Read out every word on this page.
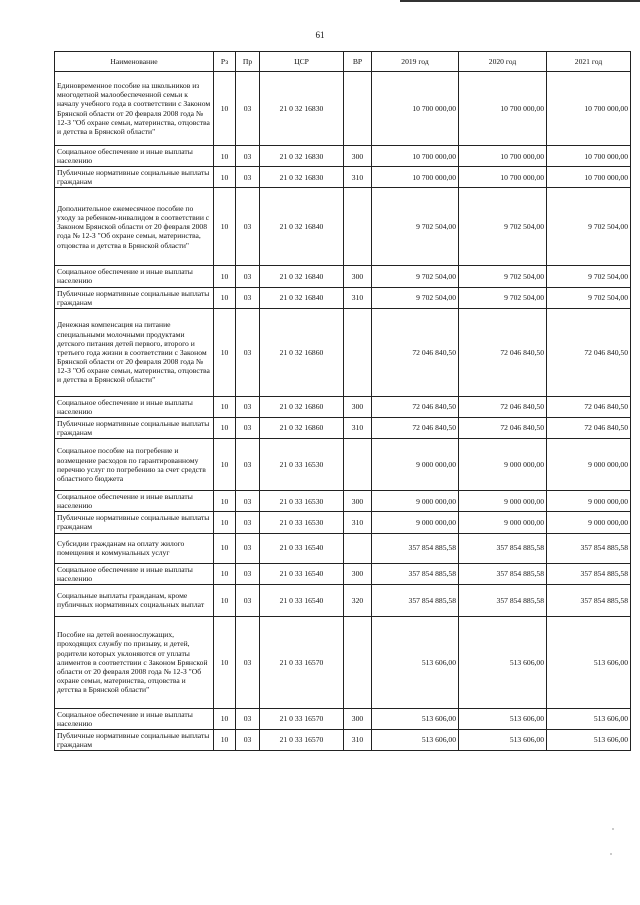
61
Наименование	Рз	Пр	ЦСР	ВР	2019 год	2020 год	2021 год
Единовременное пособие на школьников из многодетной малообеспеченной семьи к началу учебного года в соответствии с Законом Брянской области от 20 февраля 2008 года № 12-З "Об охране семьи, материнства, отцовства и детства в Брянской области"	10	03	21 0 32 16830		10 700 000,00	10 700 000,00	10 700 000,00
Социальное обеспечение и иные выплаты населению	10	03	21 0 32 16830	300	10 700 000,00	10 700 000,00	10 700 000,00
Публичные нормативные социальные выплаты гражданам	10	03	21 0 32 16830	310	10 700 000,00	10 700 000,00	10 700 000,00
Дополнительное ежемесячное пособие по уходу за ребенком-инвалидом в соответствии с Законом Брянской области от 20 февраля 2008 года № 12-З "Об охране семьи, материнства, отцовства и детства в Брянской области"	10	03	21 0 32 16840		9 702 504,00	9 702 504,00	9 702 504,00
Социальное обеспечение и иные выплаты населению	10	03	21 0 32 16840	300	9 702 504,00	9 702 504,00	9 702 504,00
Публичные нормативные социальные выплаты гражданам	10	03	21 0 32 16840	310	9 702 504,00	9 702 504,00	9 702 504,00
Денежная компенсация на питание специальными молочными продуктами детского питания детей первого, второго и третьего года жизни в соответствии с Законом Брянской области от 20 февраля 2008 года № 12-З "Об охране семьи, материнства, отцовства и детства в Брянской области"	10	03	21 0 32 16860		72 046 840,50	72 046 840,50	72 046 840,50
Социальное обеспечение и иные выплаты населению	10	03	21 0 32 16860	300	72 046 840,50	72 046 840,50	72 046 840,50
Публичные нормативные социальные выплаты гражданам	10	03	21 0 32 16860	310	72 046 840,50	72 046 840,50	72 046 840,50
Социальное пособие на погребение и возмещение расходов по гарантированному перечню услуг по погребению за счет средств областного бюджета	10	03	21 0 33 16530		9 000 000,00	9 000 000,00	9 000 000,00
Социальное обеспечение и иные выплаты населению	10	03	21 0 33 16530	300	9 000 000,00	9 000 000,00	9 000 000,00
Публичные нормативные социальные выплаты гражданам	10	03	21 0 33 16530	310	9 000 000,00	9 000 000,00	9 000 000,00
Субсидии гражданам на оплату жилого помещения и коммунальных услуг	10	03	21 0 33 16540		357 854 885,58	357 854 885,58	357 854 885,58
Социальное обеспечение и иные выплаты населению	10	03	21 0 33 16540	300	357 854 885,58	357 854 885,58	357 854 885,58
Социальные выплаты гражданам, кроме публичных нормативных социальных выплат	10	03	21 0 33 16540	320	357 854 885,58	357 854 885,58	357 854 885,58
Пособие на детей военнослужащих, проходящих службу по призыву, и детей, родители которых уклоняются от уплаты алиментов в соответствии с Законом Брянской области от 20 февраля 2008 года № 12-З "Об охране семьи, материнства, отцовства и детства в Брянской области"	10	03	21 0 33 16570		513 606,00	513 606,00	513 606,00
Социальное обеспечение и иные выплаты населению	10	03	21 0 33 16570	300	513 606,00	513 606,00	513 606,00
Публичные нормативные социальные выплаты гражданам	10	03	21 0 33 16570	310	513 606,00	513 606,00	513 606,00
